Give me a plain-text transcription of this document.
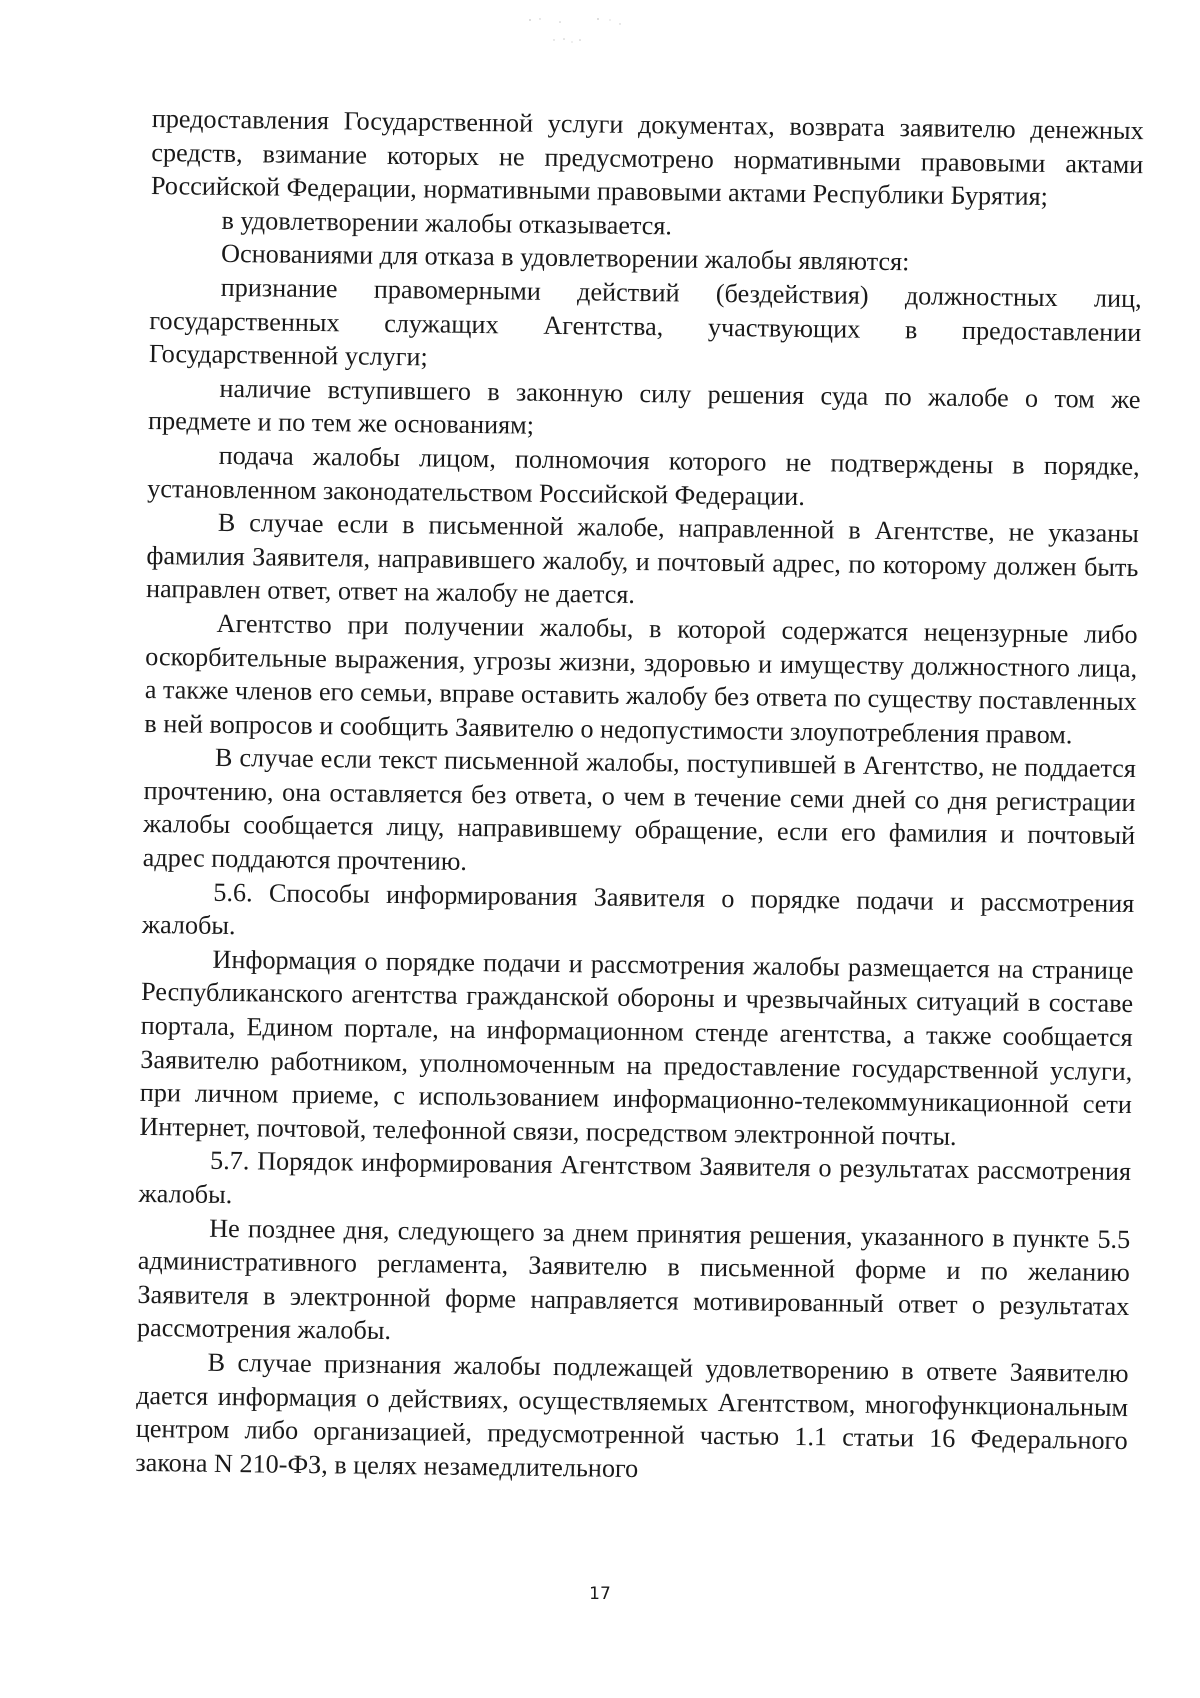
предоставления Государственной услуги документах, возврата заявителю денежных средств, взимание которых не предусмотрено нормативными правовыми актами Российской Федерации, нормативными правовыми актами Республики Бурятия;

в удовлетворении жалобы отказывается.

Основаниями для отказа в удовлетворении жалобы являются:

признание правомерными действий (бездействия) должностных лиц, государственных служащих Агентства, участвующих в предоставлении Государственной услуги;

наличие вступившего в законную силу решения суда по жалобе о том же предмете и по тем же основаниям;

подача жалобы лицом, полномочия которого не подтверждены в порядке, установленном законодательством Российской Федерации.

В случае если в письменной жалобе, направленной в Агентстве, не указаны фамилия Заявителя, направившего жалобу, и почтовый адрес, по которому должен быть направлен ответ, ответ на жалобу не дается.

Агентство при получении жалобы, в которой содержатся нецензурные либо оскорбительные выражения, угрозы жизни, здоровью и имуществу должностного лица, а также членов его семьи, вправе оставить жалобу без ответа по существу поставленных в ней вопросов и сообщить Заявителю о недопустимости злоупотребления правом.

В случае если текст письменной жалобы, поступившей в Агентство, не поддается прочтению, она оставляется без ответа, о чем в течение семи дней со дня регистрации жалобы сообщается лицу, направившему обращение, если его фамилия и почтовый адрес поддаются прочтению.

5.6. Способы информирования Заявителя о порядке подачи и рассмотрения жалобы.

Информация о порядке подачи и рассмотрения жалобы размещается на странице Республиканского агентства гражданской обороны и чрезвычайных ситуаций в составе портала, Едином портале, на информационном стенде агентства, а также сообщается Заявителю работником, уполномоченным на предоставление государственной услуги, при личном приеме, с использованием информационно-телекоммуникационной сети Интернет, почтовой, телефонной связи, посредством электронной почты.

5.7. Порядок информирования Агентством Заявителя о результатах рассмотрения жалобы.

Не позднее дня, следующего за днем принятия решения, указанного в пункте 5.5 административного регламента, Заявителю в письменной форме и по желанию Заявителя в электронной форме направляется мотивированный ответ о результатах рассмотрения жалобы.

В случае признания жалобы подлежащей удовлетворению в ответе Заявителю дается информация о действиях, осуществляемых Агентством, многофункциональным центром либо организацией, предусмотренной частью 1.1 статьи 16 Федерального закона N 210-ФЗ, в целях незамедлительного

17
